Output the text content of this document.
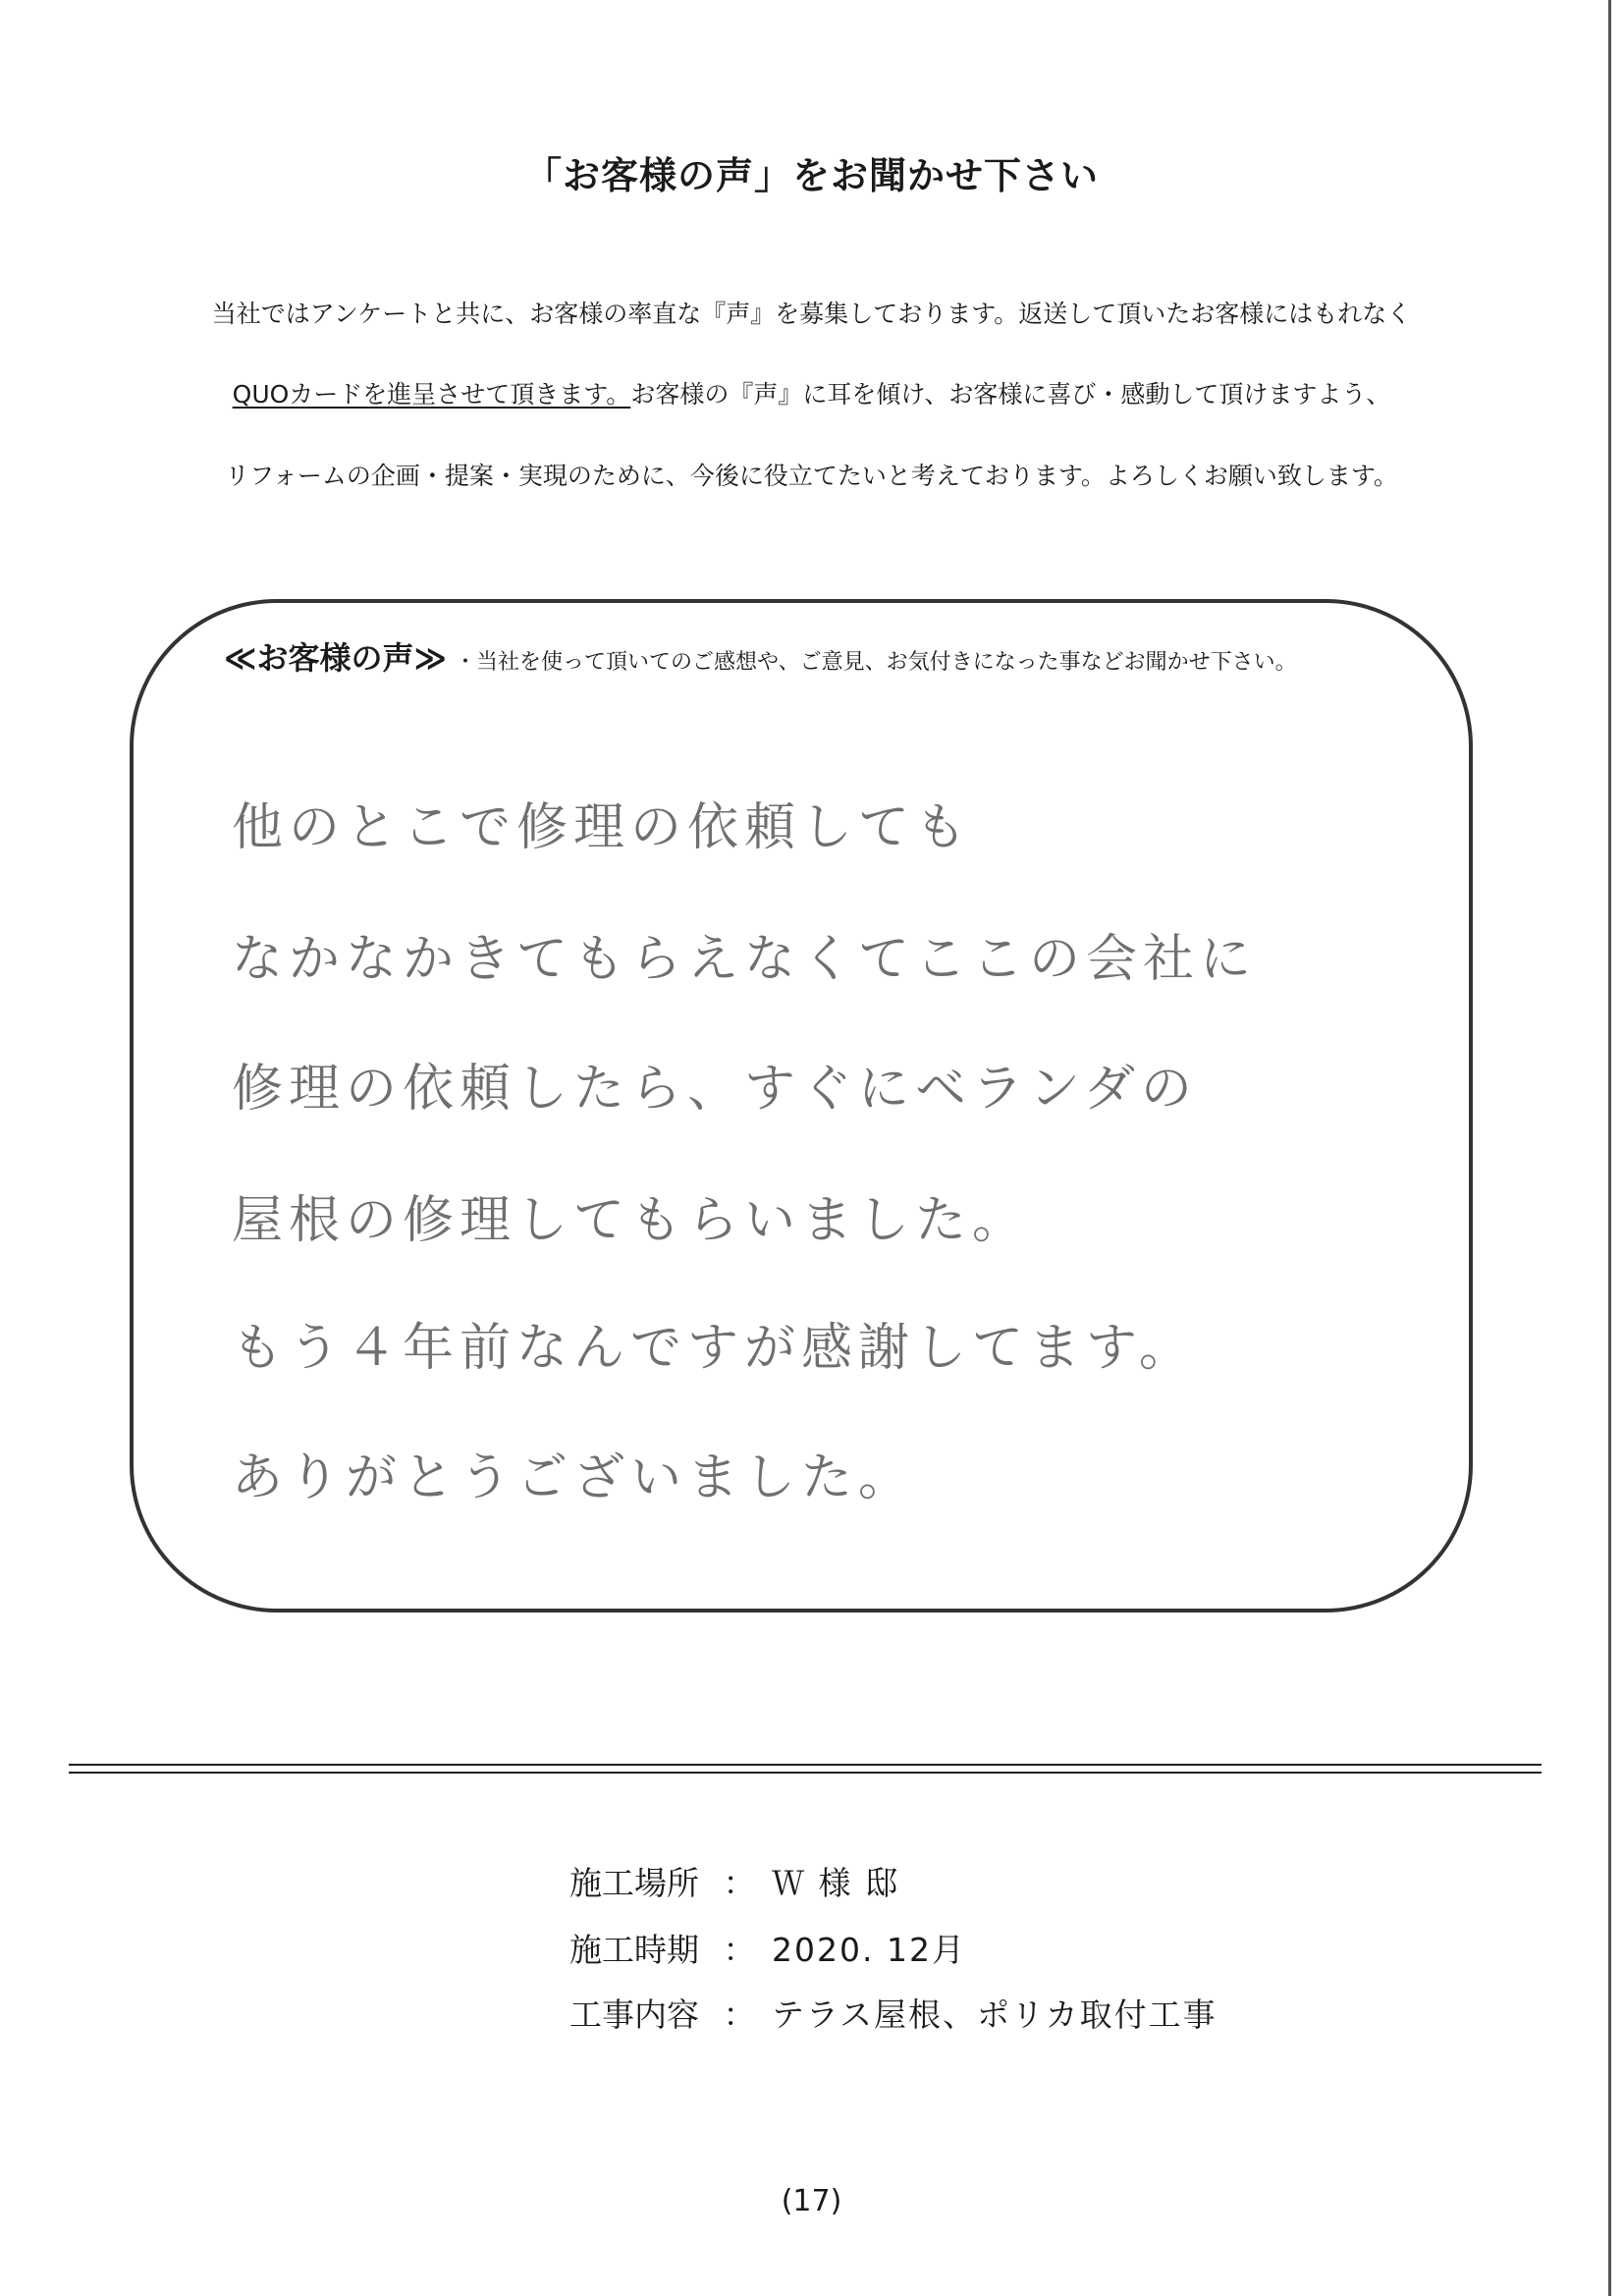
「お客様の声」をお聞かせ下さい
当社ではアンケートと共に、お客様の率直な『声』を募集しております。返送して頂いたお客様にはもれなく
QUOカードを進呈させて頂きます。お客様の『声』に耳を傾け、お客様に喜び・感動して頂けますよう、
リフォームの企画・提案・実現のために、今後に役立てたいと考えております。よろしくお願い致します。
≪お客様の声≫ ・当社を使って頂いてのご感想や、ご意見、お気付きになった事などお聞かせ下さい。
他のとこで修理の依頼しても
なかなかきてもらえなくてここの会社に
修理の依頼したら、すぐにベランダの
屋根の修理してもらいました。
もう４年前なんですが感謝してます。
ありがとうございました。
施工場所 ： Ｗ 様 邸
施工時期 ： 2020. 12月
工事内容 ： テラス屋根、ポリカ取付工事
(17)
